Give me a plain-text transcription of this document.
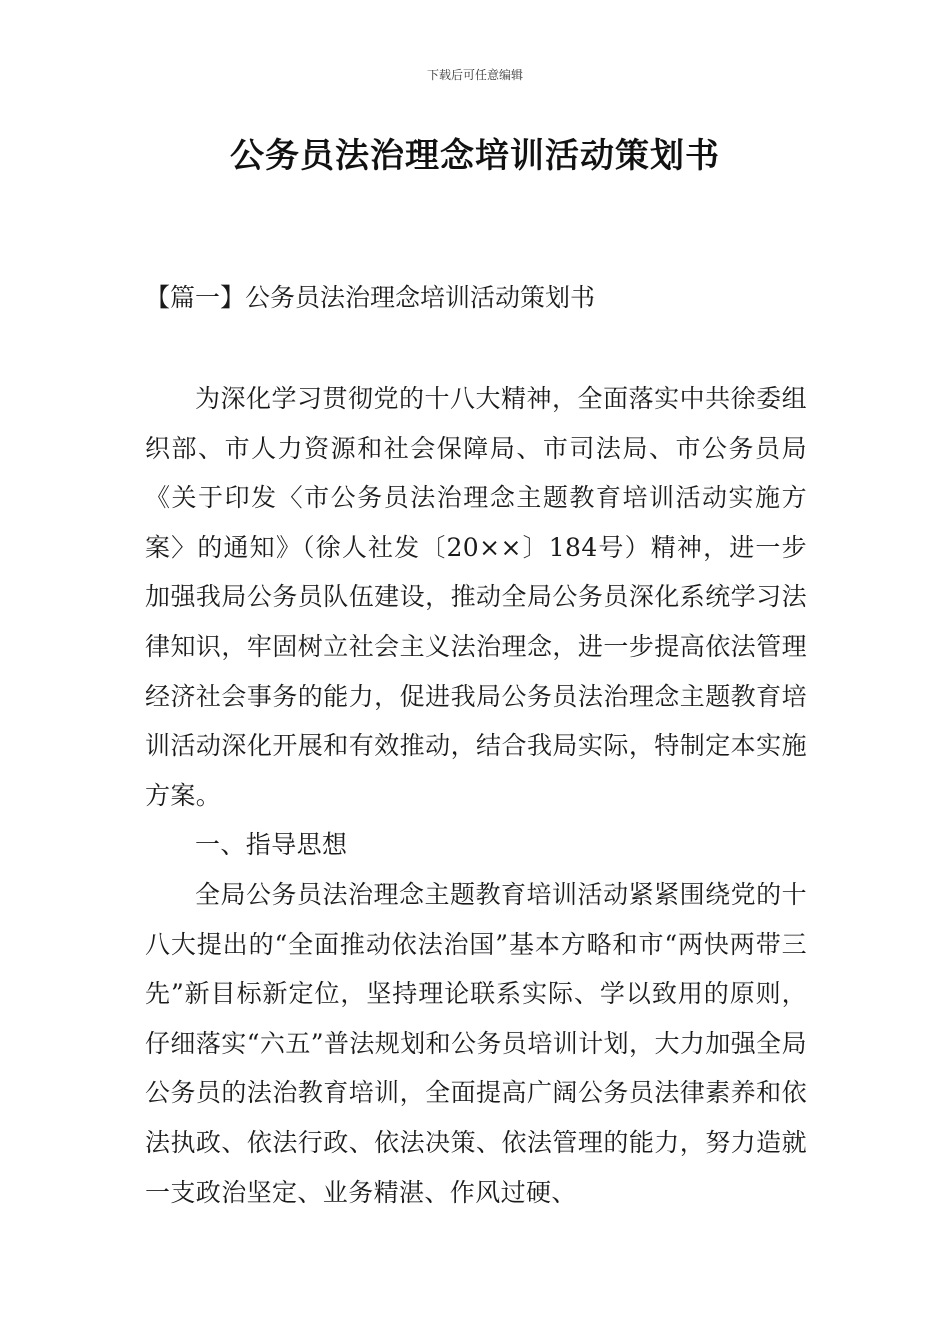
下载后可任意编辑
公务员法治理念培训活动策划书
【篇一】公务员法治理念培训活动策划书

为深化学习贯彻党的十八大精神，全面落实中共徐委组织部、市人力资源和社会保障局、市司法局、市公务员局《关于印发〈市公务员法治理念主题教育培训活动实施方案〉的通知》（徐人社发〔20××〕184号）精神，进一步加强我局公务员队伍建设，推动全局公务员深化系统学习法律知识，牢固树立社会主义法治理念，进一步提高依法管理经济社会事务的能力，促进我局公务员法治理念主题教育培训活动深化开展和有效推动，结合我局实际，特制定本实施方案。

一、指导思想

全局公务员法治理念主题教育培训活动紧紧围绕党的十八大提出的“全面推动依法治国”基本方略和市“两快两带三先”新目标新定位，坚持理论联系实际、学以致用的原则，仔细落实“六五”普法规划和公务员培训计划，大力加强全局公务员的法治教育培训，全面提高广阔公务员法律素养和依法执政、依法行政、依法决策、依法管理的能力，努力造就一支政治坚定、业务精湛、作风过硬、
